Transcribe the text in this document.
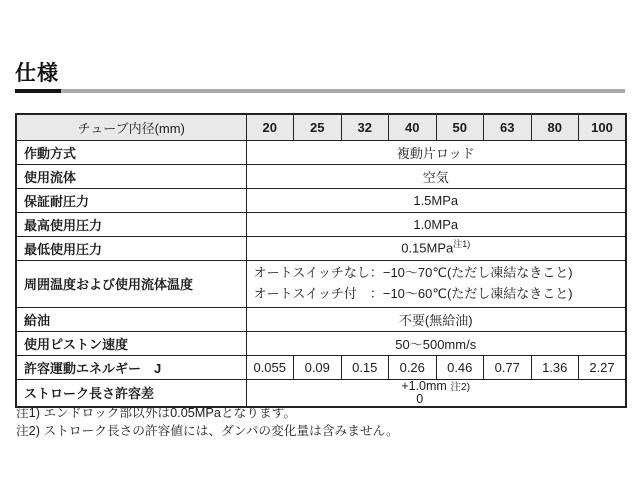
仕様
チューブ内径(mm)	20	25	32	40	50	63	80	100
作動方式	複動片ロッド							
使用流体	空気							
保証耐圧力	1.5MPa							
最高使用圧力	1.0MPa							
最低使用圧力	0.15MPa$^{注1)}$
周囲温度および使用流体温度	オートスイッチなし：−10～70℃(ただし凍結なきこと)
オートスイッチ付　：−10～60℃(ただし凍結なきこと)							

給油	不要(無給油)							
使用ピストン速度	50～500mm/s							
許容運動エネルギー　J	0.055	0.09	0.15	0.26	0.46	0.77	1.36	2.27
ストローク長さ許容差	+1.0mm 注2)
0							
注1) エンドロック部以外は0.05MPaとなります。
注2) ストローク長さの許容値には、ダンパの変化量は含みません。
